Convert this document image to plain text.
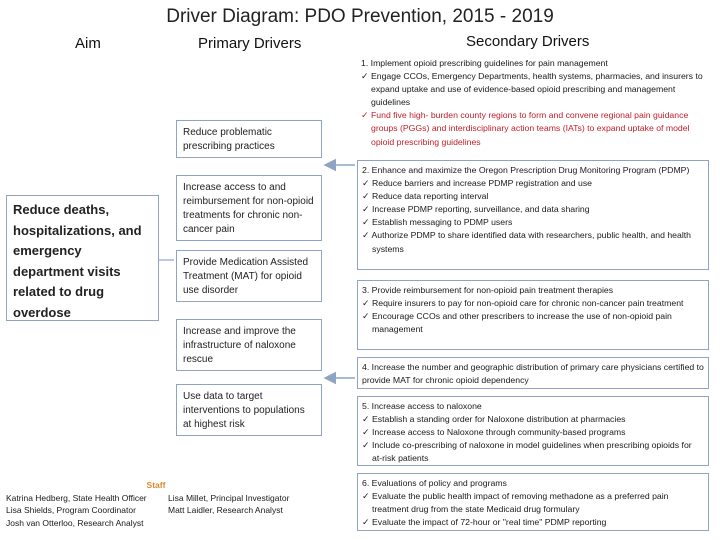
Driver Diagram: PDO Prevention, 2015 - 2019
Aim	Primary Drivers	Secondary Drivers
Reduce deaths, hospitalizations, and emergency department visits related to drug overdose
Reduce problematic prescribing practices
Increase access to and reimbursement for non-opioid treatments for chronic non-cancer pain
Provide Medication Assisted Treatment (MAT) for opioid use disorder
Increase and improve the infrastructure of naloxone rescue
Use data to target interventions to populations at highest risk
1. Implement opioid prescribing guidelines for pain management
✓ Engage CCOs, Emergency Departments, health systems, pharmacies, and insurers to expand uptake and use of evidence-based opioid prescribing and management guidelines
✓ Fund five high- burden county regions to form and convene regional pain guidance groups (PGGs) and interdisciplinary action teams (IATs) to expand uptake of model opioid prescribing guidelines
2. Enhance and maximize the Oregon Prescription Drug Monitoring Program (PDMP)
✓ Reduce barriers and increase PDMP registration and use
✓ Reduce data reporting interval
✓ Increase PDMP reporting, surveillance, and data sharing
✓ Establish messaging to PDMP users
✓ Authorize PDMP to share identified data with researchers, public health, and health systems
3. Provide reimbursement for non-opioid pain treatment therapies
✓ Require insurers to pay for non-opioid care for chronic non-cancer pain treatment
✓ Encourage CCOs and other prescribers to increase the use of non-opioid pain management
4. Increase the number and geographic distribution of primary care physicians certified to provide MAT for chronic opioid dependency
5. Increase access to naloxone
✓ Establish a standing order for Naloxone distribution at pharmacies
✓ Increase access to Naloxone through community-based programs
✓ Include co-prescribing of naloxone in model guidelines when prescribing opioids for at-risk patients
6. Evaluations of policy and programs
✓ Evaluate the public health impact of removing methadone as a preferred pain treatment drug from the state Medicaid drug formulary
✓ Evaluate the impact of 72-hour or "real time" PDMP reporting
Staff
Katrina Hedberg, State Health Officer
Lisa Shields, Program Coordinator
Josh van Otterloo, Research Analyst
Lisa Millet, Principal Investigator
Matt Laidler, Research Analyst
